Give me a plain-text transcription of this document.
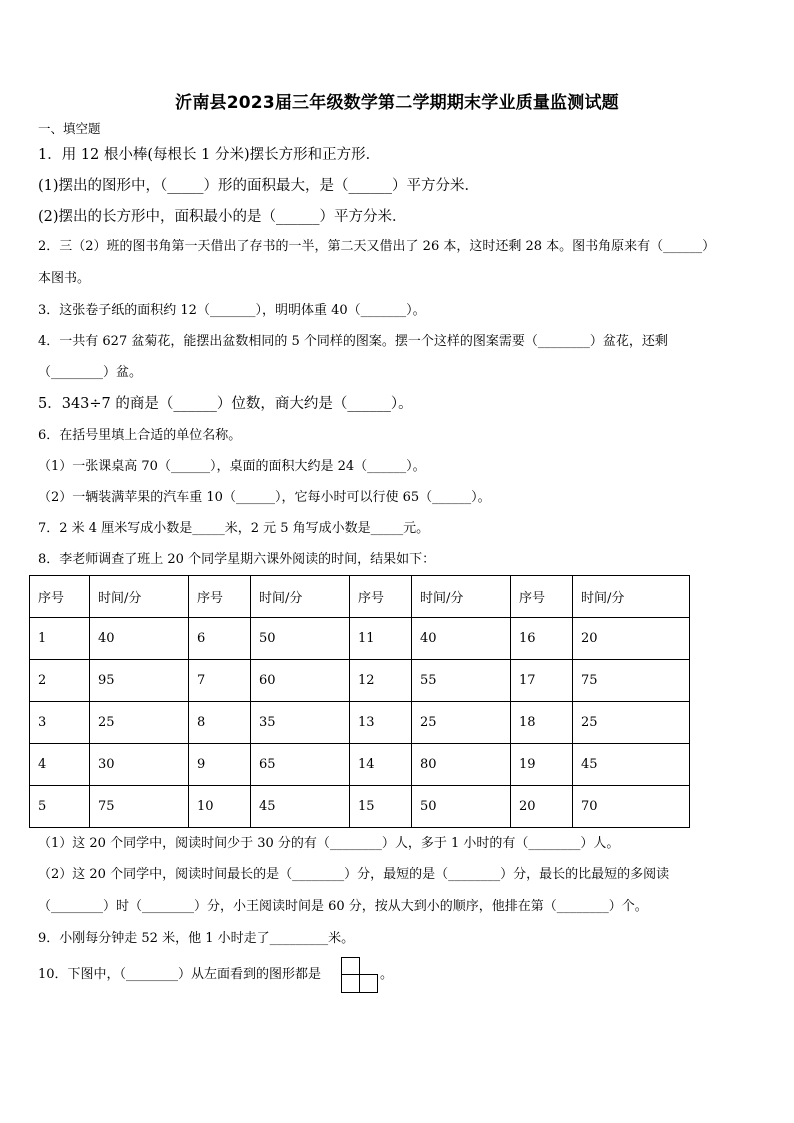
沂南县2023届三年级数学第二学期期末学业质量监测试题
一、填空题
1．用 12 根小棒(每根长 1 分米)摆长方形和正方形．
(1)摆出的图形中，（_____）形的面积最大，是（______）平方分米．
(2)摆出的长方形中，面积最小的是（______）平方分米．
2．三（2）班的图书角第一天借出了存书的一半，第二天又借出了 26 本，这时还剩 28 本。图书角原来有（______）
本图书。
3．这张卷子纸的面积约 12（_______），明明体重 40（_______）。
4．一共有 627 盆菊花，能摆出盆数相同的 5 个同样的图案。摆一个这样的图案需要（________）盆花，还剩
（________）盆。
5．343÷7 的商是（______）位数，商大约是（______）。
6．在括号里填上合适的单位名称。
（1）一张课桌高 70（______），桌面的面积大约是 24（______）。
（2）一辆装满苹果的汽车重 10（______），它每小时可以行使 65（______）。
7．2 米 4 厘米写成小数是_____米，2 元 5 角写成小数是_____元。
8．李老师调查了班上 20 个同学星期六课外阅读的时间，结果如下：
序号	时间/分	序号	时间/分	序号	时间/分	序号	时间/分
1	40	6	50	11	40	16	20
2	95	7	60	12	55	17	75
3	25	8	35	13	25	18	25
4	30	9	65	14	80	19	45
5	75	10	45	15	50	20	70
（1）这 20 个同学中，阅读时间少于 30 分的有（________）人，多于 1 小时的有（________）人。
（2）这 20 个同学中，阅读时间最长的是（________）分，最短的是（________）分，最长的比最短的多阅读
（________）时（________）分，小王阅读时间是 60 分，按从大到小的顺序，他排在第（________）个。
9．小刚每分钟走 52 米，他 1 小时走了_________米。
10．下图中，（________）从左面看到的图形都是	。
